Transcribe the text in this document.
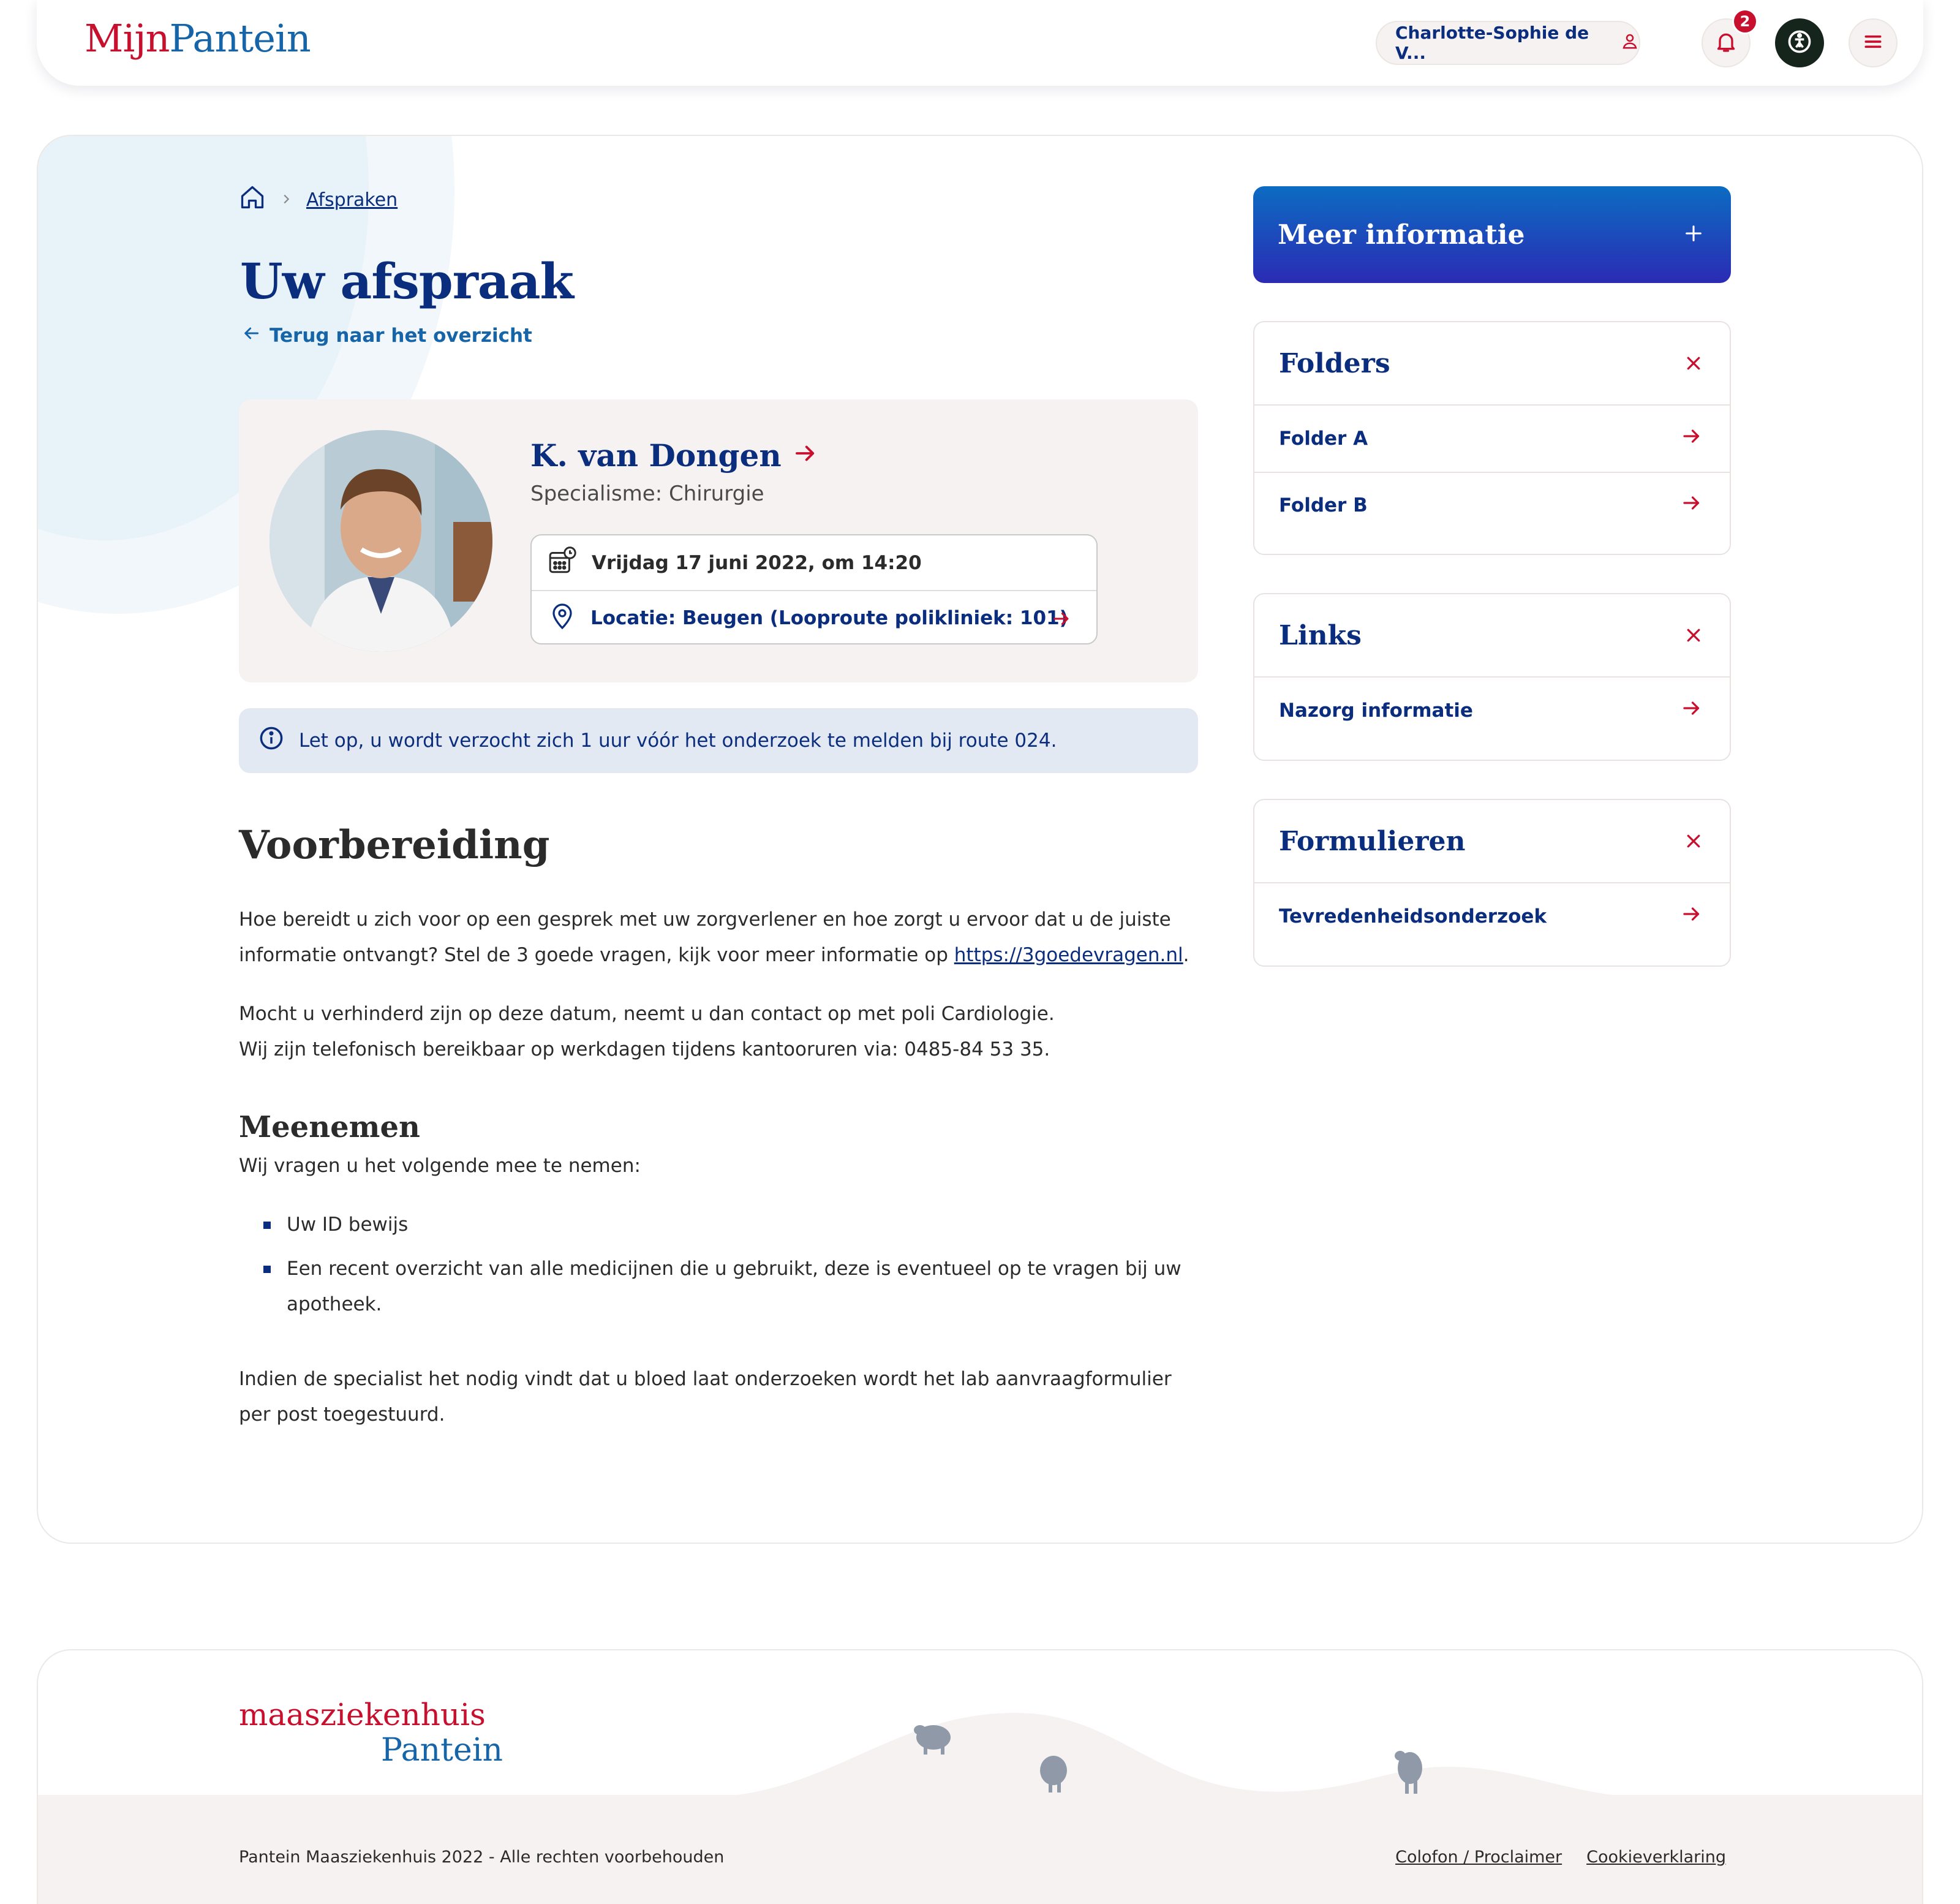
MijnPantein	Charlotte-Sophie de V...
2
Afspraken
Uw afspraak
Terug naar het overzicht
K. van Dongen
Specialisme: Chirurgie
Vrijdag 17 juni 2022, om 14:20
Locatie: Beugen (Looproute polikliniek: 101)
Let op, u wordt verzocht zich 1 uur vóór het onderzoek te melden bij route 024.
Voorbereiding
Hoe bereidt u zich voor op een gesprek met uw zorgverlener en hoe zorgt u ervoor dat u de juiste informatie ontvangt? Stel de 3 goede vragen, kijk voor meer informatie op https://3goedevragen.nl.
Mocht u verhinderd zijn op deze datum, neemt u dan contact op met poli Cardiologie.
Wij zijn telefonisch bereikbaar op werkdagen tijdens kantooruren via: 0485-84 53 35.
Meenemen
Wij vragen u het volgende mee te nemen:
Uw ID bewijs
Een recent overzicht van alle medicijnen die u gebruikt, deze is eventueel op te vragen bij uw apotheek.
Indien de specialist het nodig vindt dat u bloed laat onderzoeken wordt het lab aanvraagformulier per post toegestuurd.
Meer informatie
Folders
Folder A
Folder B
Links
Nazorg informatie
Formulieren
Tevredenheidsonderzoek
maasziekenhuis
Pantein
Pantein Maasziekenhuis 2022 - Alle rechten voorbehouden	Colofon / Proclaimer Cookieverklaring
